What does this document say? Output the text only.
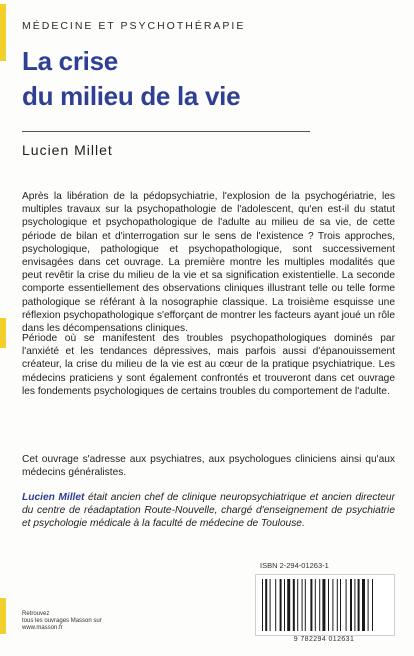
MÉDECINE ET PSYCHOTHÉRAPIE
La crise
du milieu de la vie
Lucien Millet

Après la libération de la pédopsychiatrie, l'explosion de la psychogériatrie, les multiples travaux sur la psychopathologie de l'adolescent, qu'en est-il du statut psychologique et psychopathologique de l'adulte au milieu de sa vie, de cette période de bilan et d'interrogation sur le sens de l'existence ? Trois approches, psychologique, pathologique et psychopathologique, sont successivement envisagées dans cet ouvrage. La première montre les multiples modalités que peut revêtir la crise du milieu de la vie et sa signification existentielle. La seconde comporte essentiellement des observations cliniques illustrant telle ou telle forme pathologique se référant à la nosographie classique. La troisième esquisse une réflexion psychopathologique s'efforçant de montrer les facteurs ayant joué un rôle dans les décompensations cliniques.

Période où se manifestent des troubles psychopathologiques dominés par l'anxiété et les tendances dépressives, mais parfois aussi d'épanouissement créateur, la crise du milieu de la vie est au cœur de la pratique psychiatrique. Les médecins praticiens y sont également confrontés et trouveront dans cet ouvrage les fondements psychologiques de certains troubles du comportement de l'adulte.

Cet ouvrage s'adresse aux psychiatres, aux psychologues cliniciens ainsi qu'aux médecins généralistes.

Lucien Millet était ancien chef de clinique neuropsychiatrique et ancien directeur du centre de réadaptation Route-Nouvelle, chargé d'enseignement de psychiatrie et psychologie médicale à la faculté de médecine de Toulouse.

ISBN 2-294-01263-1
9 782294 012631
Retrouvez
tous les ouvrages Masson sur
www.masson.fr
